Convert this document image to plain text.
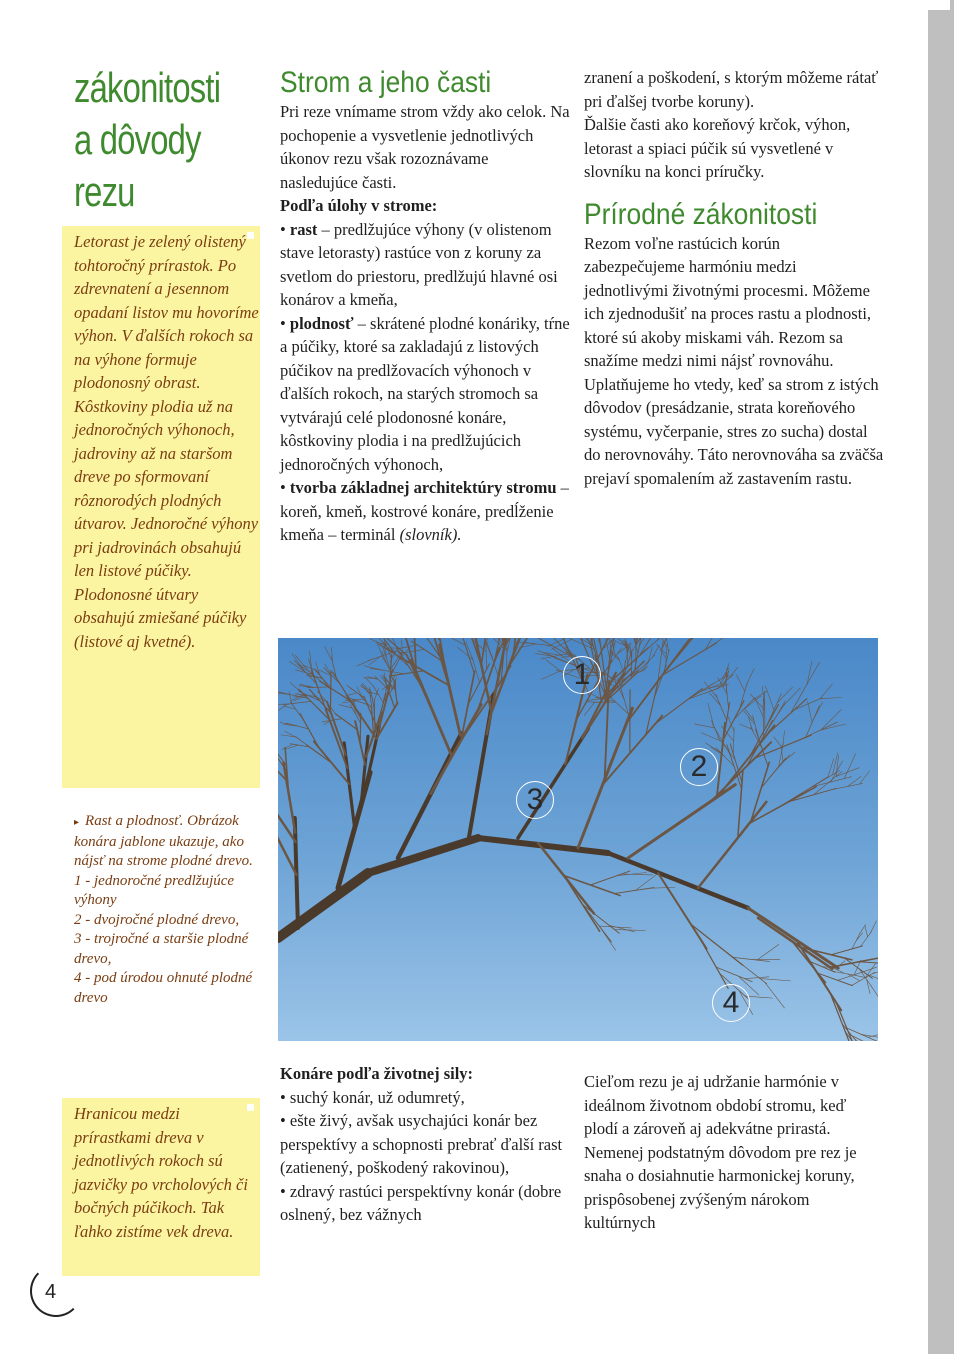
zákonitosti
a dôvody
rezu
Letorast je zelený olistený tohtoročný prírastok. Po zdrevnatení a jesennom opadaní listov mu hovoríme výhon. V ďalších rokoch sa na výhone formuje plodonosný obrast. Kôstkoviny plodia už na jednoročných výhonoch, jadroviny až na staršom dreve po sformovaní rôznorodých plodných útvarov. Jednoročné výhony pri jadrovinách obsahujú len listové púčiky. Plodonosné útvary obsahujú zmiešané púčiky (listové aj kvetné).
▸ Rast a plodnosť. Obrázok konára jablone ukazuje, ako nájsť na strome plodné drevo.
1 - jednoročné predlžujúce výhony
2 - dvojročné plodné drevo,
3 - trojročné a staršie plodné drevo,
4 - pod úrodou ohnuté plodné drevo
Hranicou medzi prírastkami dreva v jednotlivých rokoch sú jazvičky po vrcholových či bočných púčikoch. Tak ľahko zistíme vek dreva.
Strom a jeho časti

Pri reze vnímame strom vždy ako celok. Na pochopenie a vysvetlenie jednotlivých úkonov rezu však rozoznávame nasledujúce časti.

Podľa úlohy v strome:

• rast – predlžujúce výhony (v olistenom stave letorasty) rastúce von z koruny za svetlom do priestoru, predlžujú hlavné osi konárov a kmeňa,

• plodnosť – skrátené plodné konáriky, tŕne a púčiky, ktoré sa zakladajú z listových púčikov na predlžovacích výhonoch v ďalších rokoch, na starých stromoch sa vytvárajú celé plodonosné konáre, kôstkoviny plodia i na predlžujúcich jednoročných výhonoch,

• tvorba základnej architektúry stromu – koreň, kmeň, kostrové konáre, predĺženie kmeňa – terminál (slovník).

zranení a poškodení, s ktorým môžeme rátať pri ďalšej tvorbe koruny).

Ďalšie časti ako koreňový krčok, výhon, letorast a spiaci púčik sú vysvetlené v slovníku na konci príručky.

Prírodné zákonitosti

Rezom voľne rastúcich korún zabezpečujeme harmóniu medzi jednotlivými životnými procesmi. Môžeme ich zjednodušiť na proces rastu a plodnosti, ktoré sú akoby miskami váh. Rezom sa snažíme medzi nimi nájsť rovnováhu. Uplatňujeme ho vtedy, keď sa strom z istých dôvodov (presádzanie, strata koreňového systému, vyčerpanie, stres zo sucha) dostal do nerovnováhy. Táto nerovnováha sa zväčša prejaví spomalením až zastavením rastu.

1
2
3
4

Konáre podľa životnej sily:

• suchý konár, už odumretý,

• ešte živý, avšak usychajúci konár bez perspektívy a schopnosti prebrať ďalší rast (zatienený, poškodený rakovinou),

• zdravý rastúci perspektívny konár (dobre oslnený, bez vážnych

Cieľom rezu je aj udržanie harmónie v ideálnom životnom období stromu, keď plodí a zároveň aj adekvátne prirastá. Nemenej podstatným dôvodom pre rez je snaha o dosiahnutie harmonickej koruny, prispôsobenej zvýšeným nárokom kultúrnych

4
